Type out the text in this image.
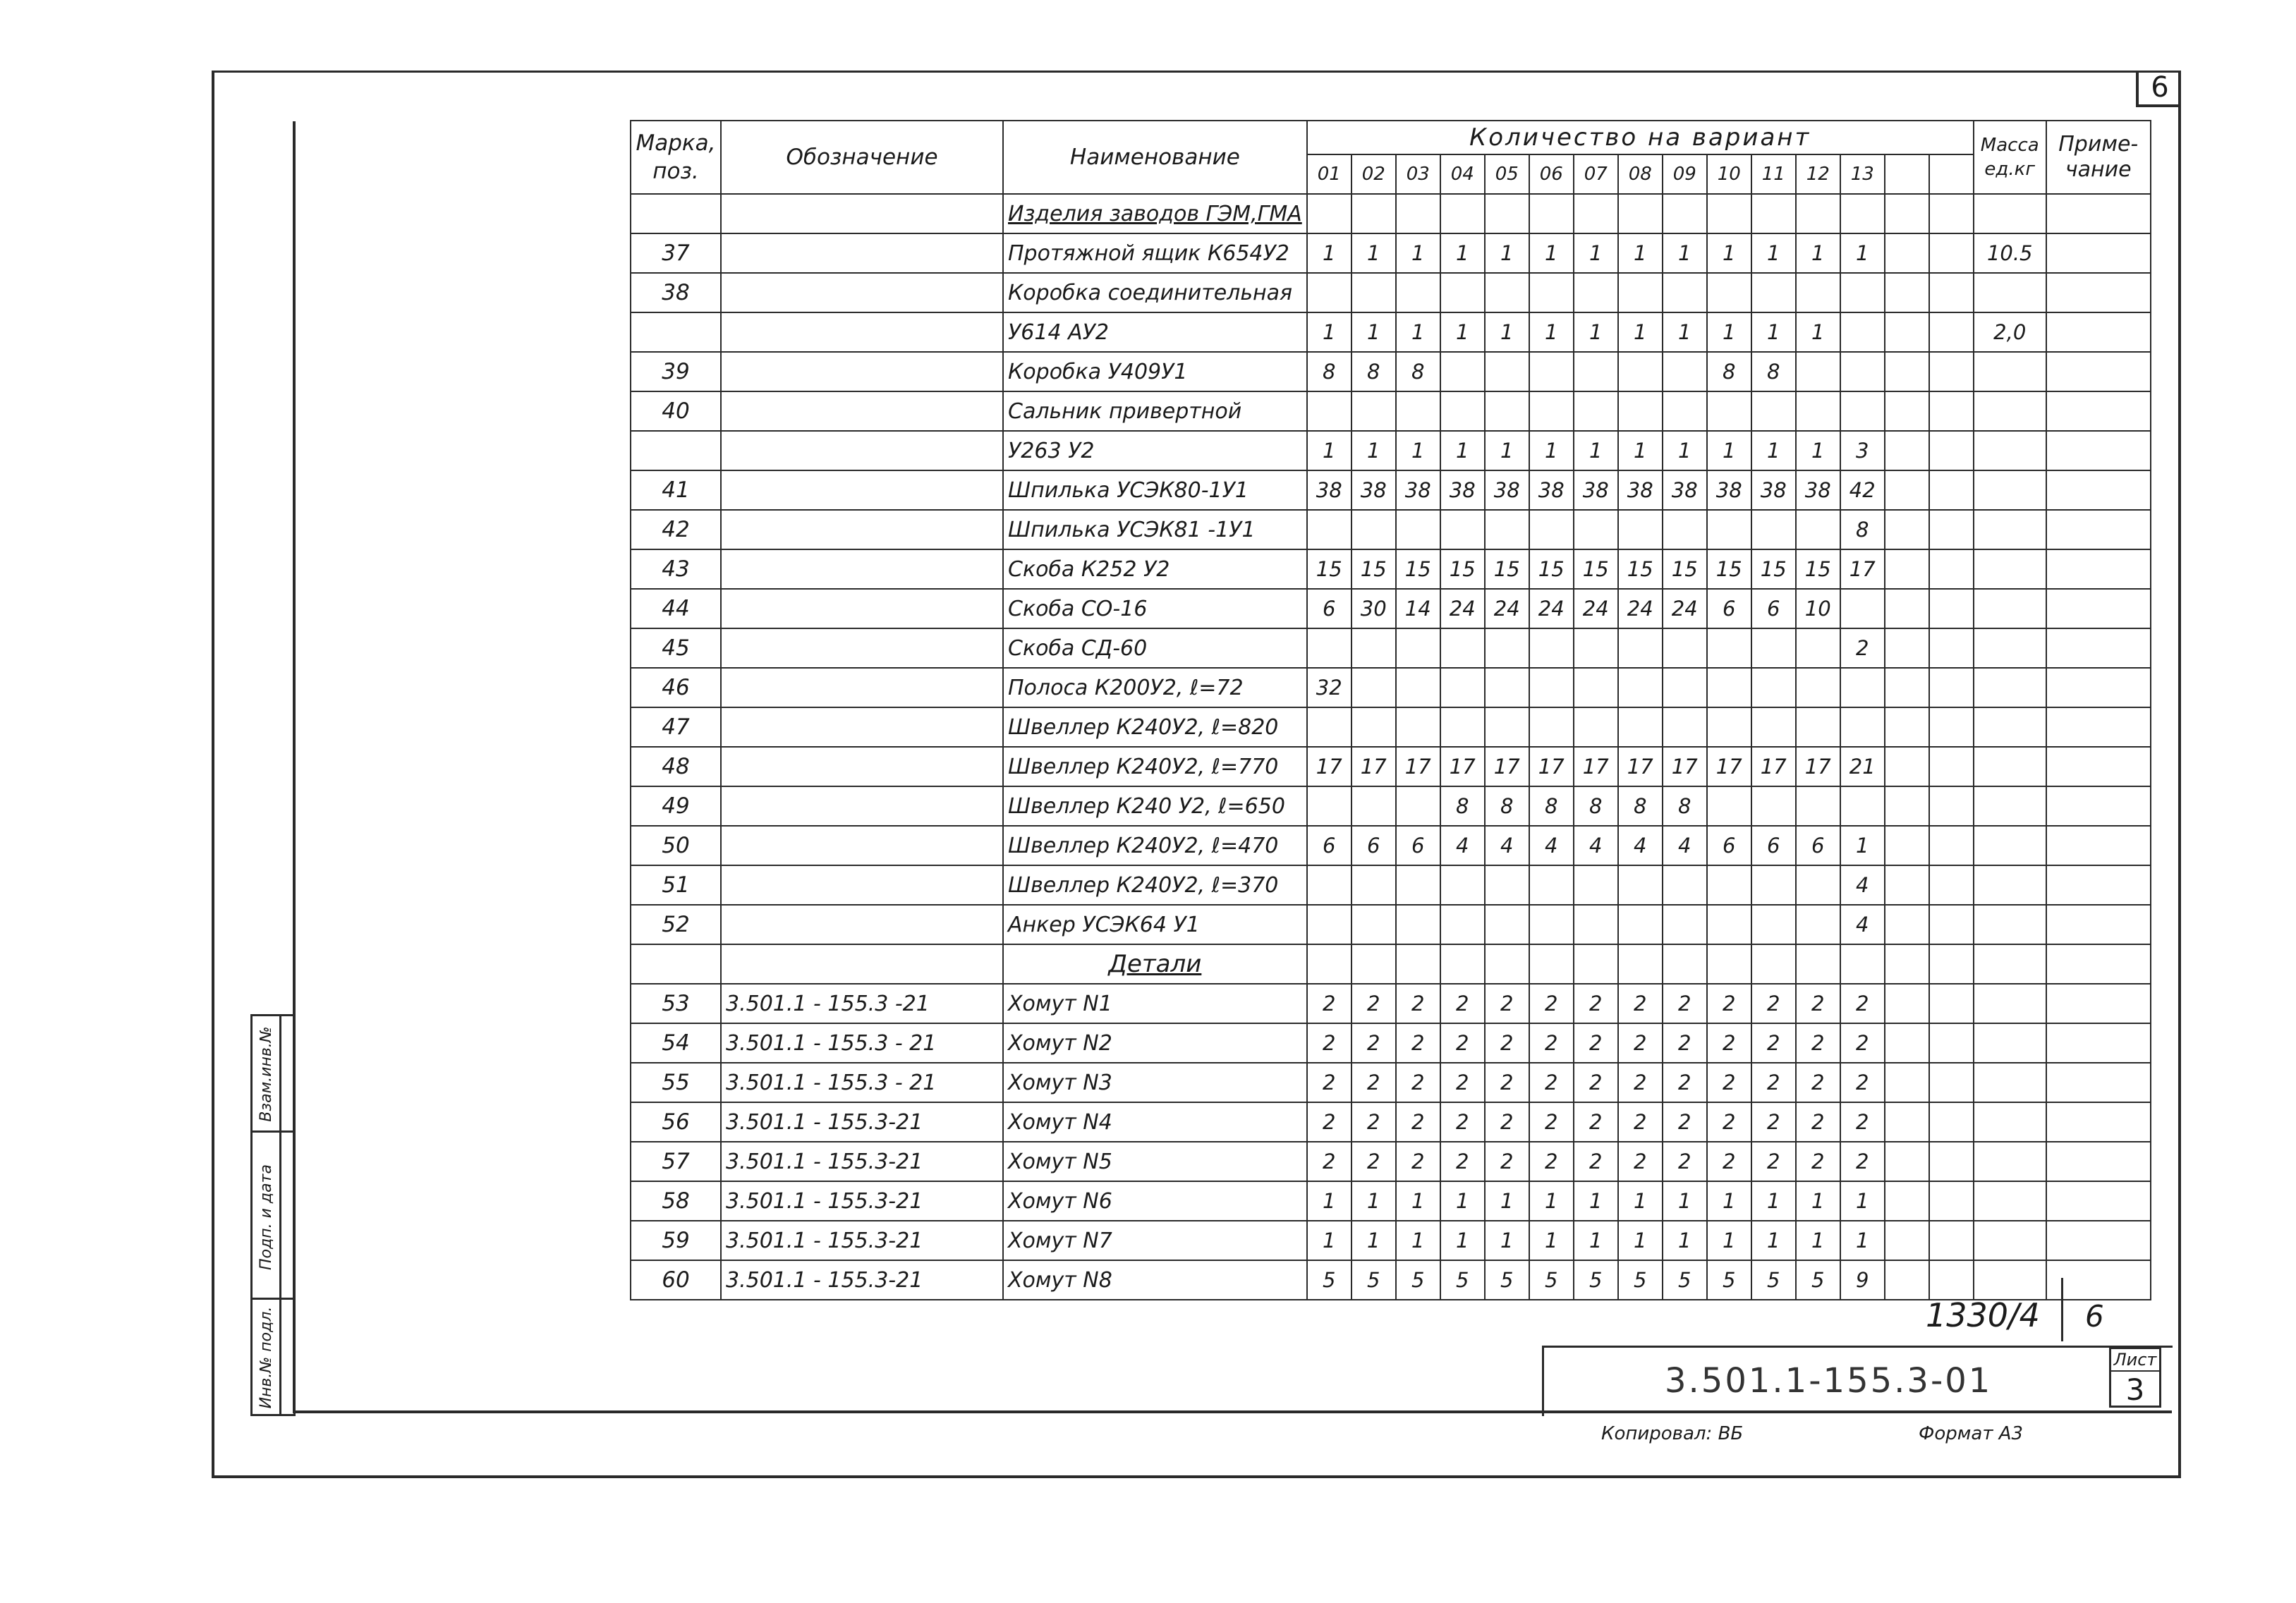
6
Взам.инв.№
Подп. и дата
Инв.№ подл.
Марка, поз.	Обозначение	Наименование	Количество на вариант															Масса ед.кг	Приме- чание
			01	02	03	04	05	06	07	08	09	10	11	12	13				
		Изделия заводов ГЭМ,ГМА																	
37		Протяжной ящик К654У2	1	1	1	1	1	1	1	1	1	1	1	1	1			10.5	
38		Коробка соединительная																	
		У614 АУ2	1	1	1	1	1	1	1	1	1	1	1	1				2,0	
39		Коробка У409У1	8	8	8							8	8						
40		Сальник привертной																	
		У263 У2	1	1	1	1	1	1	1	1	1	1	1	1	3				
41		Шпилька УСЭК80-1У1	38	38	38	38	38	38	38	38	38	38	38	38	42				
42		Шпилька УСЭК81 -1У1													8				
43		Скоба К252 У2	15	15	15	15	15	15	15	15	15	15	15	15	17				
44		Скоба СО-16	6	30	14	24	24	24	24	24	24	6	6	10					
45		Скоба СД-60													2				
46		Полоса К200У2, ℓ=72	32																
47		Швеллер К240У2, ℓ=820																	
48		Швеллер К240У2, ℓ=770	17	17	17	17	17	17	17	17	17	17	17	17	21				
49		Швеллер К240 У2, ℓ=650				8	8	8	8	8	8								
50		Швеллер К240У2, ℓ=470	6	6	6	4	4	4	4	4	4	6	6	6	1				
51		Швеллер К240У2, ℓ=370													4				
52		Анкер УСЭК64 У1													4				
		Детали																	
53	3.501.1 - 155.3 -21	Хомут N1	2	2	2	2	2	2	2	2	2	2	2	2	2				
54	3.501.1 - 155.3 - 21	Хомут N2	2	2	2	2	2	2	2	2	2	2	2	2	2				
55	3.501.1 - 155.3 - 21	Хомут N3	2	2	2	2	2	2	2	2	2	2	2	2	2				
56	3.501.1 - 155.3-21	Хомут N4	2	2	2	2	2	2	2	2	2	2	2	2	2				
57	3.501.1 - 155.3-21	Хомут N5	2	2	2	2	2	2	2	2	2	2	2	2	2				
58	3.501.1 - 155.3-21	Хомут N6	1	1	1	1	1	1	1	1	1	1	1	1	1				
59	3.501.1 - 155.3-21	Хомут N7	1	1	1	1	1	1	1	1	1	1	1	1	1				
60	3.501.1 - 155.3-21	Хомут N8	5	5	5	5	5	5	5	5	5	5	5	5	9				
1330/4 6
3.501.1-155.3-01
Лист
3
Копировал: ВБ	Формат А3
